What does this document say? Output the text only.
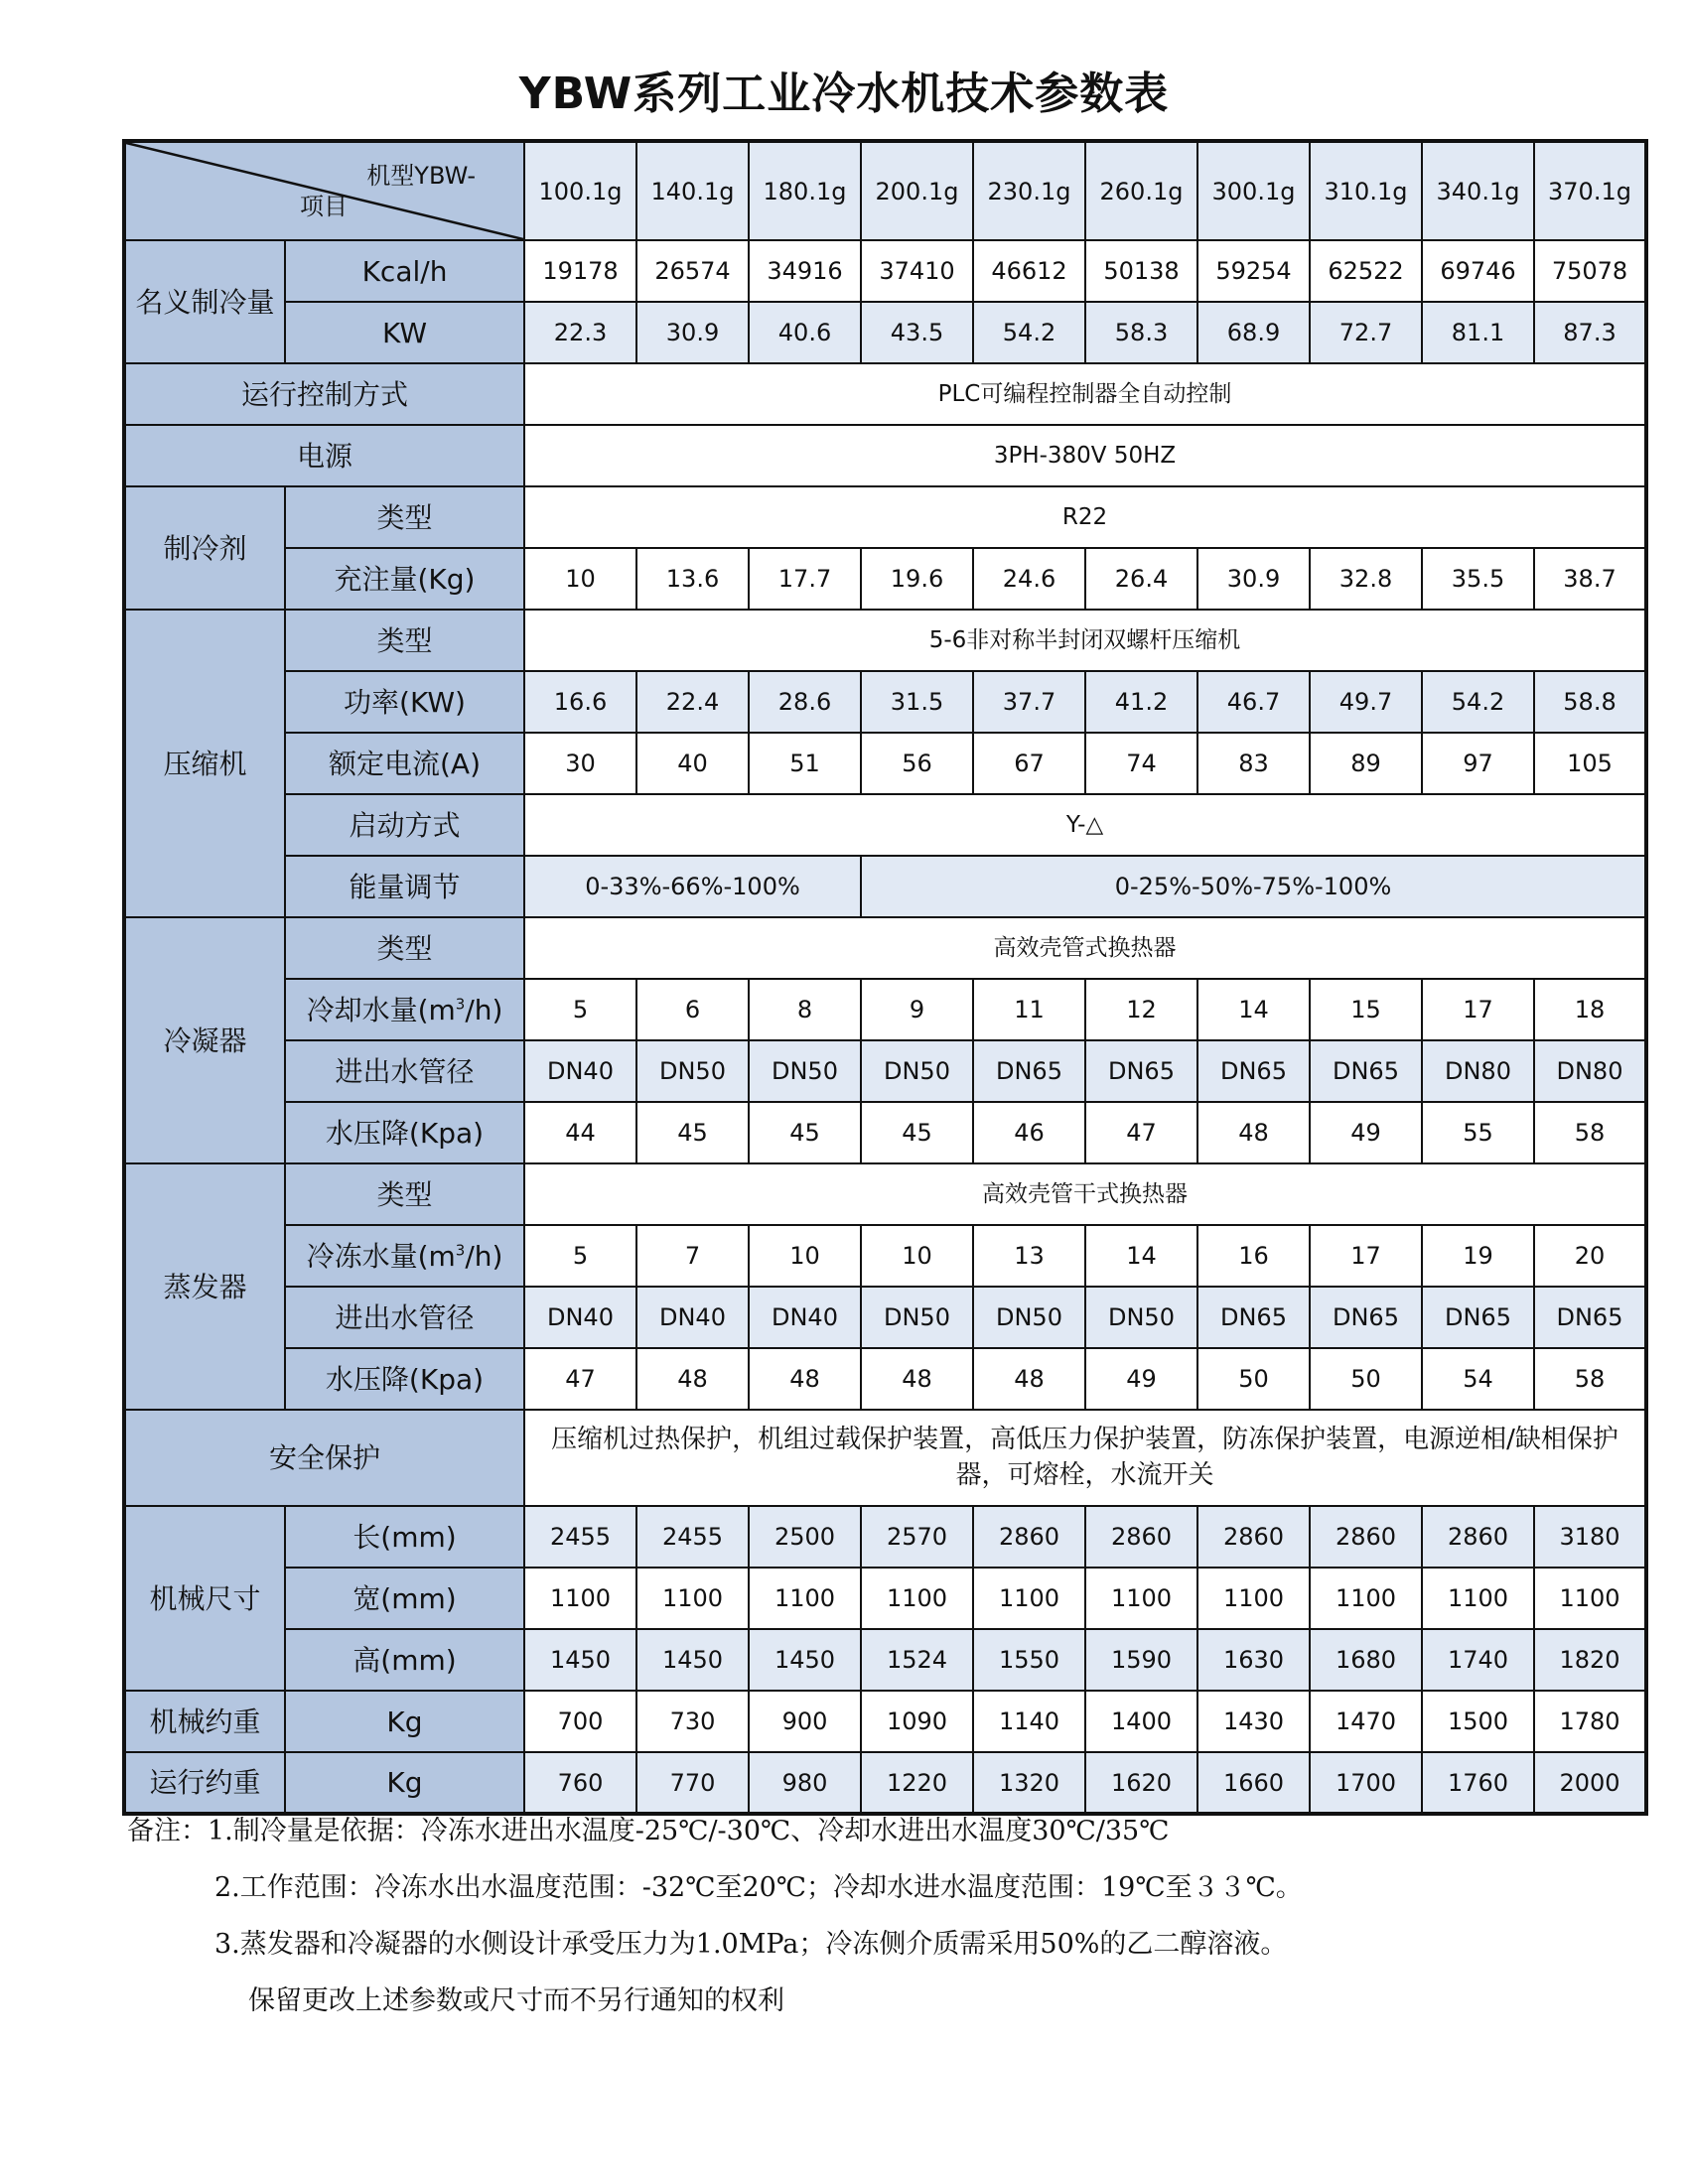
YBW系列工业冷水机技术参数表
机型YBW-
项目		100.1g	140.1g	180.1g	200.1g	230.1g	260.1g	300.1g	310.1g	340.1g	370.1g
名义制冷量	Kcal/h	19178	26574	34916	37410	46612	50138	59254	62522	69746	75078
	KW	22.3	30.9	40.6	43.5	54.2	58.3	68.9	72.7	81.1	87.3
运行控制方式		PLC可编程控制器全自动控制									
电源		3PH-380V 50HZ									
制冷剂	类型	R22									
	充注量(Kg)	10	13.6	17.7	19.6	24.6	26.4	30.9	32.8	35.5	38.7
压缩机	类型	5-6非对称半封闭双螺杆压缩机									
	功率(KW)	16.6	22.4	28.6	31.5	37.7	41.2	46.7	49.7	54.2	58.8
	额定电流(A)	30	40	51	56	67	74	83	89	97	105
	启动方式	Y-△									
	能量调节	0-33%-66%-100%			0-25%-50%-75%-100%						
冷凝器	类型	高效壳管式换热器									
	冷却水量$(m^3/h)$	5	6	8	9	11	12	14	15	17	18
	进出水管径	DN40	DN50	DN50	DN50	DN65	DN65	DN65	DN65	DN80	DN80
	水压降(Kpa)	44	45	45	45	46	47	48	49	55	58
蒸发器	类型	高效壳管干式换热器									
	冷冻水量$(m^3/h)$	5	7	10	10	13	14	16	17	19	20
	进出水管径	DN40	DN40	DN40	DN50	DN50	DN50	DN65	DN65	DN65	DN65
	水压降(Kpa)	47	48	48	48	48	49	50	50	54	58
安全保护		压缩机过热保护，机组过载保护装置，高低压力保护装置，防冻保护装置，电源逆相/缺相保护
器，可熔栓，水流开关									

机械尺寸	长(mm)	2455	2455	2500	2570	2860	2860	2860	2860	2860	3180
	宽(mm)	1100	1100	1100	1100	1100	1100	1100	1100	1100	1100
	高(mm)	1450	1450	1450	1524	1550	1590	1630	1680	1740	1820
机械约重	Kg	700	730	900	1090	1140	1400	1430	1470	1500	1780
运行约重	Kg	760	770	980	1220	1320	1620	1660	1700	1760	2000
备注：1.制冷量是依据：冷冻水进出水温度-25℃/-30℃、冷却水进出水温度30℃/35℃
2.工作范围：冷冻水出水温度范围：-32℃至20℃；冷却水进水温度范围：19℃至３３℃。
3.蒸发器和冷凝器的水侧设计承受压力为1.0MPa；冷冻侧介质需采用50%的乙二醇溶液。
保留更改上述参数或尺寸而不另行通知的权利
